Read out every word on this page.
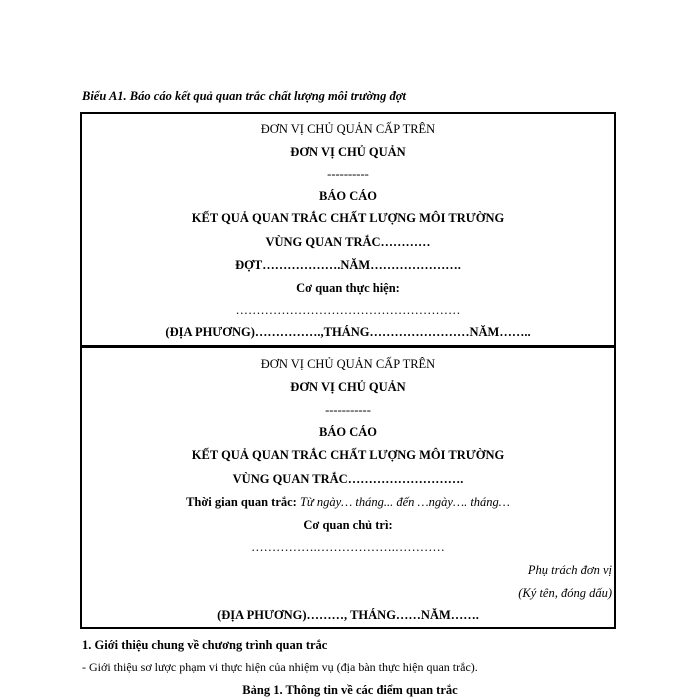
Biểu A1. Báo cáo kết quả quan trắc chất lượng môi trường đợt
ĐƠN VỊ CHỦ QUẢN CẤP TRÊN
ĐƠN VỊ CHỦ QUẢN
----------
BÁO CÁO
KẾT QUẢ QUAN TRẮC CHẤT LƯỢNG MÔI TRƯỜNG
VÙNG QUAN TRẮC…………
ĐỢT……………….NĂM………………….
Cơ quan thực hiện:
………………………………………………
(ĐỊA PHƯƠNG)…………….,THÁNG……………………NĂM……..
ĐƠN VỊ CHỦ QUẢN CẤP TRÊN
ĐƠN VỊ CHỦ QUẢN
-----------
BÁO CÁO
KẾT QUẢ QUAN TRẮC CHẤT LƯỢNG MÔI TRƯỜNG
VÙNG QUAN TRẮC……………………….
Thời gian quan trắc: Từ ngày… tháng... đến …ngày…. tháng…
Cơ quan chủ trì:
…………….……………….…………
Phụ trách đơn vị
(Ký tên, đóng dấu)
(ĐỊA PHƯƠNG)………, THÁNG……NĂM…….
1. Giới thiệu chung về chương trình quan trắc
- Giới thiệu sơ lược phạm vi thực hiện của nhiệm vụ (địa bàn thực hiện quan trắc).
Bảng 1. Thông tin về các điểm quan trắc
